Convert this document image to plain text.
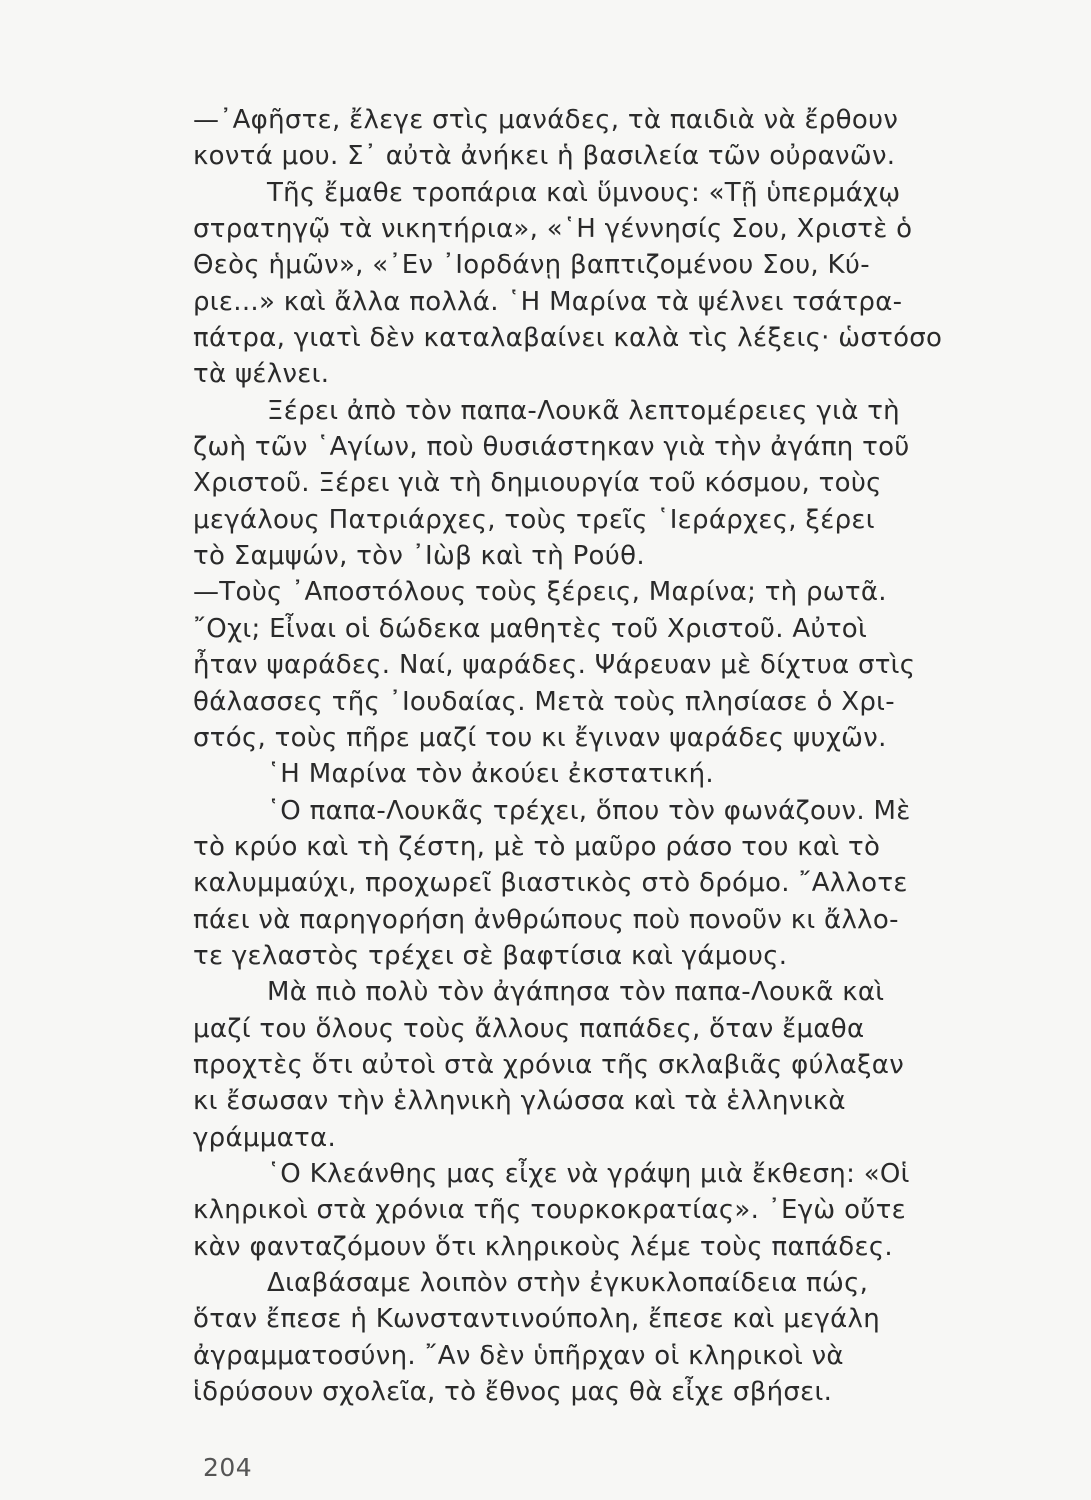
—᾿Αφῆστε, ἔλεγε στὶς μανάδες, τὰ παιδιὰ νὰ ἔρθουν
κοντά μου. Σ᾿ αὐτὰ ἀνήκει ἡ βασιλεία τῶν οὐρανῶν.
Τῆς ἔμαθε τροπάρια καὶ ὕμνους: «Τῇ ὑπερμάχῳ
στρατηγῷ τὰ νικητήρια», «῾Η γέννησίς Σου, Χριστὲ ὁ
Θεὸς ἡμῶν», «᾿Εν ᾿Ιορδάνῃ βαπτιζομένου Σου, Κύ-
ριε...» καὶ ἄλλα πολλά. ῾Η Μαρίνα τὰ ψέλνει τσάτρα-
πάτρα, γιατὶ δὲν καταλαβαίνει καλὰ τὶς λέξεις· ὡστόσο
τὰ ψέλνει.
Ξέρει ἀπὸ τὸν παπα-Λουκᾶ λεπτομέρειες γιὰ τὴ
ζωὴ τῶν ῾Αγίων, ποὺ θυσιάστηκαν γιὰ τὴν ἀγάπη τοῦ
Χριστοῦ. Ξέρει γιὰ τὴ δημιουργία τοῦ κόσμου, τοὺς
μεγάλους Πατριάρχες, τοὺς τρεῖς ῾Ιεράρχες, ξέρει
τὸ Σαμψών, τὸν ᾿Ιὼβ καὶ τὴ Ρούθ.
—Τοὺς ᾿Αποστόλους τοὺς ξέρεις, Μαρίνα; τὴ ρωτᾶ.
῎Οχι; Εἶναι οἱ δώδεκα μαθητὲς τοῦ Χριστοῦ. Αὐτοὶ
ἦταν ψαράδες. Ναί, ψαράδες. Ψάρευαν μὲ δίχτυα στὶς
θάλασσες τῆς ᾿Ιουδαίας. Μετὰ τοὺς πλησίασε ὁ Χρι-
στός, τοὺς πῆρε μαζί του κι ἔγιναν ψαράδες ψυχῶν.
῾Η Μαρίνα τὸν ἀκούει ἐκστατική.
῾Ο παπα-Λουκᾶς τρέχει, ὅπου τὸν φωνάζουν. Μὲ
τὸ κρύο καὶ τὴ ζέστη, μὲ τὸ μαῦρο ράσο του καὶ τὸ
καλυμμαύχι, προχωρεῖ βιαστικὸς στὸ δρόμο. ῎Αλλοτε
πάει νὰ παρηγορήση ἀνθρώπους ποὺ πονοῦν κι ἄλλο-
τε γελαστὸς τρέχει σὲ βαφτίσια καὶ γάμους.
Μὰ πιὸ πολὺ τὸν ἀγάπησα τὸν παπα-Λουκᾶ καὶ
μαζί του ὅλους τοὺς ἄλλους παπάδες, ὅταν ἔμαθα
προχτὲς ὅτι αὐτοὶ στὰ χρόνια τῆς σκλαβιᾶς φύλαξαν
κι ἔσωσαν τὴν ἑλληνικὴ γλώσσα καὶ τὰ ἑλληνικὰ
γράμματα.
῾Ο Κλεάνθης μας εἶχε νὰ γράψη μιὰ ἔκθεση: «Οἱ
κληρικοὶ στὰ χρόνια τῆς τουρκοκρατίας». ᾿Εγὼ οὔτε
κὰν φανταζόμουν ὅτι κληρικοὺς λέμε τοὺς παπάδες.
Διαβάσαμε λοιπὸν στὴν ἐγκυκλοπαίδεια πώς,
ὅταν ἔπεσε ἡ Κωνσταντινούπολη, ἔπεσε καὶ μεγάλη
ἀγραμματοσύνη. ῎Αν δὲν ὑπῆρχαν οἱ κληρικοὶ νὰ
ἱδρύσουν σχολεῖα, τὸ ἔθνος μας θὰ εἶχε σβήσει.
204
